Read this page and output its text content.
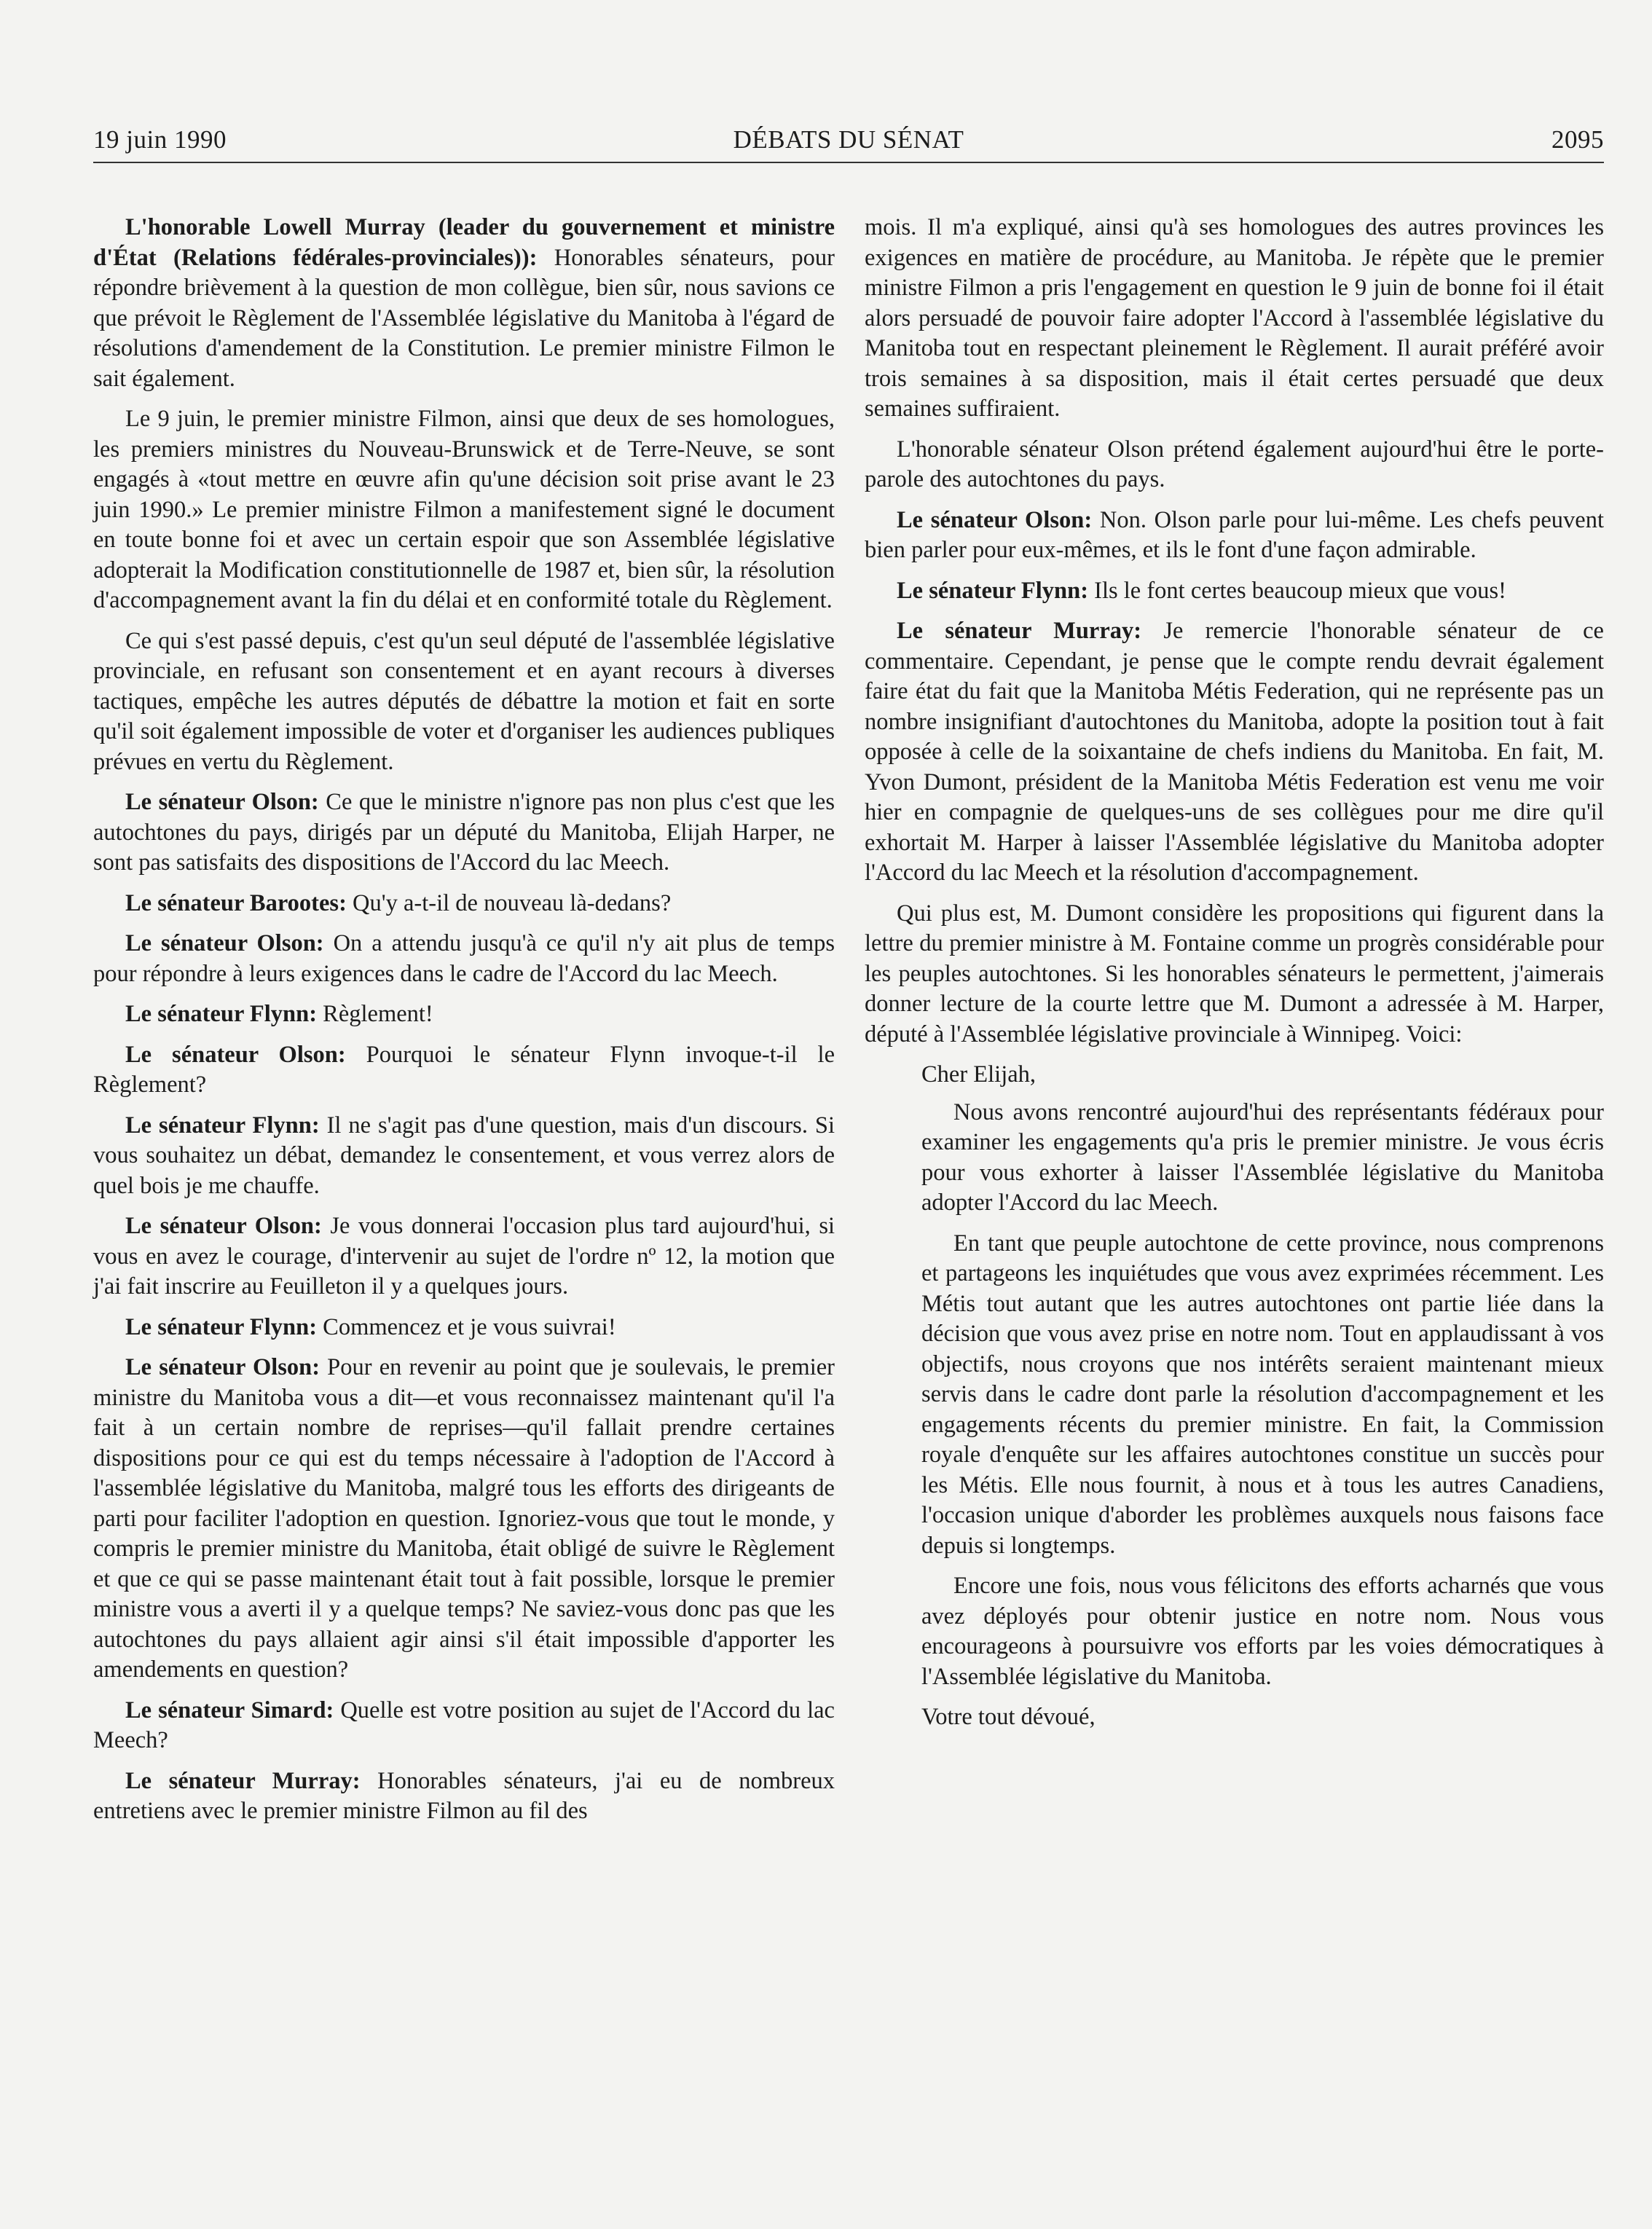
19 juin 1990	DÉBATS DU SÉNAT	2095

L'honorable Lowell Murray (leader du gouvernement et ministre d'État (Relations fédérales-provinciales)): Honorables sénateurs, pour répondre brièvement à la question de mon collègue, bien sûr, nous savions ce que prévoit le Règlement de l'Assemblée législative du Manitoba à l'égard de résolutions d'amendement de la Constitution. Le premier ministre Filmon le sait également.

Le 9 juin, le premier ministre Filmon, ainsi que deux de ses homologues, les premiers ministres du Nouveau-Brunswick et de Terre-Neuve, se sont engagés à «tout mettre en œuvre afin qu'une décision soit prise avant le 23 juin 1990.» Le premier ministre Filmon a manifestement signé le document en toute bonne foi et avec un certain espoir que son Assemblée législative adopterait la Modification constitutionnelle de 1987 et, bien sûr, la résolution d'accompagnement avant la fin du délai et en conformité totale du Règlement.

Ce qui s'est passé depuis, c'est qu'un seul député de l'assemblée législative provinciale, en refusant son consentement et en ayant recours à diverses tactiques, empêche les autres députés de débattre la motion et fait en sorte qu'il soit également impossible de voter et d'organiser les audiences publiques prévues en vertu du Règlement.

Le sénateur Olson: Ce que le ministre n'ignore pas non plus c'est que les autochtones du pays, dirigés par un député du Manitoba, Elijah Harper, ne sont pas satisfaits des dispositions de l'Accord du lac Meech.

Le sénateur Barootes: Qu'y a-t-il de nouveau là-dedans?

Le sénateur Olson: On a attendu jusqu'à ce qu'il n'y ait plus de temps pour répondre à leurs exigences dans le cadre de l'Accord du lac Meech.

Le sénateur Flynn: Règlement!

Le sénateur Olson: Pourquoi le sénateur Flynn invoque-t-il le Règlement?

Le sénateur Flynn: Il ne s'agit pas d'une question, mais d'un discours. Si vous souhaitez un débat, demandez le consentement, et vous verrez alors de quel bois je me chauffe.

Le sénateur Olson: Je vous donnerai l'occasion plus tard aujourd'hui, si vous en avez le courage, d'intervenir au sujet de l'ordre nº 12, la motion que j'ai fait inscrire au Feuilleton il y a quelques jours.

Le sénateur Flynn: Commencez et je vous suivrai!

Le sénateur Olson: Pour en revenir au point que je soulevais, le premier ministre du Manitoba vous a dit—et vous reconnaissez maintenant qu'il l'a fait à un certain nombre de reprises—qu'il fallait prendre certaines dispositions pour ce qui est du temps nécessaire à l'adoption de l'Accord à l'assemblée législative du Manitoba, malgré tous les efforts des dirigeants de parti pour faciliter l'adoption en question. Ignoriez-vous que tout le monde, y compris le premier ministre du Manitoba, était obligé de suivre le Règlement et que ce qui se passe maintenant était tout à fait possible, lorsque le premier ministre vous a averti il y a quelque temps? Ne saviez-vous donc pas que les autochtones du pays allaient agir ainsi s'il était impossible d'apporter les amendements en question?

Le sénateur Simard: Quelle est votre position au sujet de l'Accord du lac Meech?

Le sénateur Murray: Honorables sénateurs, j'ai eu de nombreux entretiens avec le premier ministre Filmon au fil des

mois. Il m'a expliqué, ainsi qu'à ses homologues des autres provinces les exigences en matière de procédure, au Manitoba. Je répète que le premier ministre Filmon a pris l'engagement en question le 9 juin de bonne foi il était alors persuadé de pouvoir faire adopter l'Accord à l'assemblée législative du Manitoba tout en respectant pleinement le Règlement. Il aurait préféré avoir trois semaines à sa disposition, mais il était certes persuadé que deux semaines suffiraient.

L'honorable sénateur Olson prétend également aujourd'hui être le porte-parole des autochtones du pays.

Le sénateur Olson: Non. Olson parle pour lui-même. Les chefs peuvent bien parler pour eux-mêmes, et ils le font d'une façon admirable.

Le sénateur Flynn: Ils le font certes beaucoup mieux que vous!

Le sénateur Murray: Je remercie l'honorable sénateur de ce commentaire. Cependant, je pense que le compte rendu devrait également faire état du fait que la Manitoba Métis Federation, qui ne représente pas un nombre insignifiant d'autochtones du Manitoba, adopte la position tout à fait opposée à celle de la soixantaine de chefs indiens du Manitoba. En fait, M. Yvon Dumont, président de la Manitoba Métis Federation est venu me voir hier en compagnie de quelques-uns de ses collègues pour me dire qu'il exhortait M. Harper à laisser l'Assemblée législative du Manitoba adopter l'Accord du lac Meech et la résolution d'accompagnement.

Qui plus est, M. Dumont considère les propositions qui figurent dans la lettre du premier ministre à M. Fontaine comme un progrès considérable pour les peuples autochtones. Si les honorables sénateurs le permettent, j'aimerais donner lecture de la courte lettre que M. Dumont a adressée à M. Harper, député à l'Assemblée législative provinciale à Winnipeg. Voici:

Cher Elijah,

Nous avons rencontré aujourd'hui des représentants fédéraux pour examiner les engagements qu'a pris le premier ministre. Je vous écris pour vous exhorter à laisser l'Assemblée législative du Manitoba adopter l'Accord du lac Meech.

En tant que peuple autochtone de cette province, nous comprenons et partageons les inquiétudes que vous avez exprimées récemment. Les Métis tout autant que les autres autochtones ont partie liée dans la décision que vous avez prise en notre nom. Tout en applaudissant à vos objectifs, nous croyons que nos intérêts seraient maintenant mieux servis dans le cadre dont parle la résolution d'accompagnement et les engagements récents du premier ministre. En fait, la Commission royale d'enquête sur les affaires autochtones constitue un succès pour les Métis. Elle nous fournit, à nous et à tous les autres Canadiens, l'occasion unique d'aborder les problèmes auxquels nous faisons face depuis si longtemps.

Encore une fois, nous vous félicitons des efforts acharnés que vous avez déployés pour obtenir justice en notre nom. Nous vous encourageons à poursuivre vos efforts par les voies démocratiques à l'Assemblée législative du Manitoba.

Votre tout dévoué,
